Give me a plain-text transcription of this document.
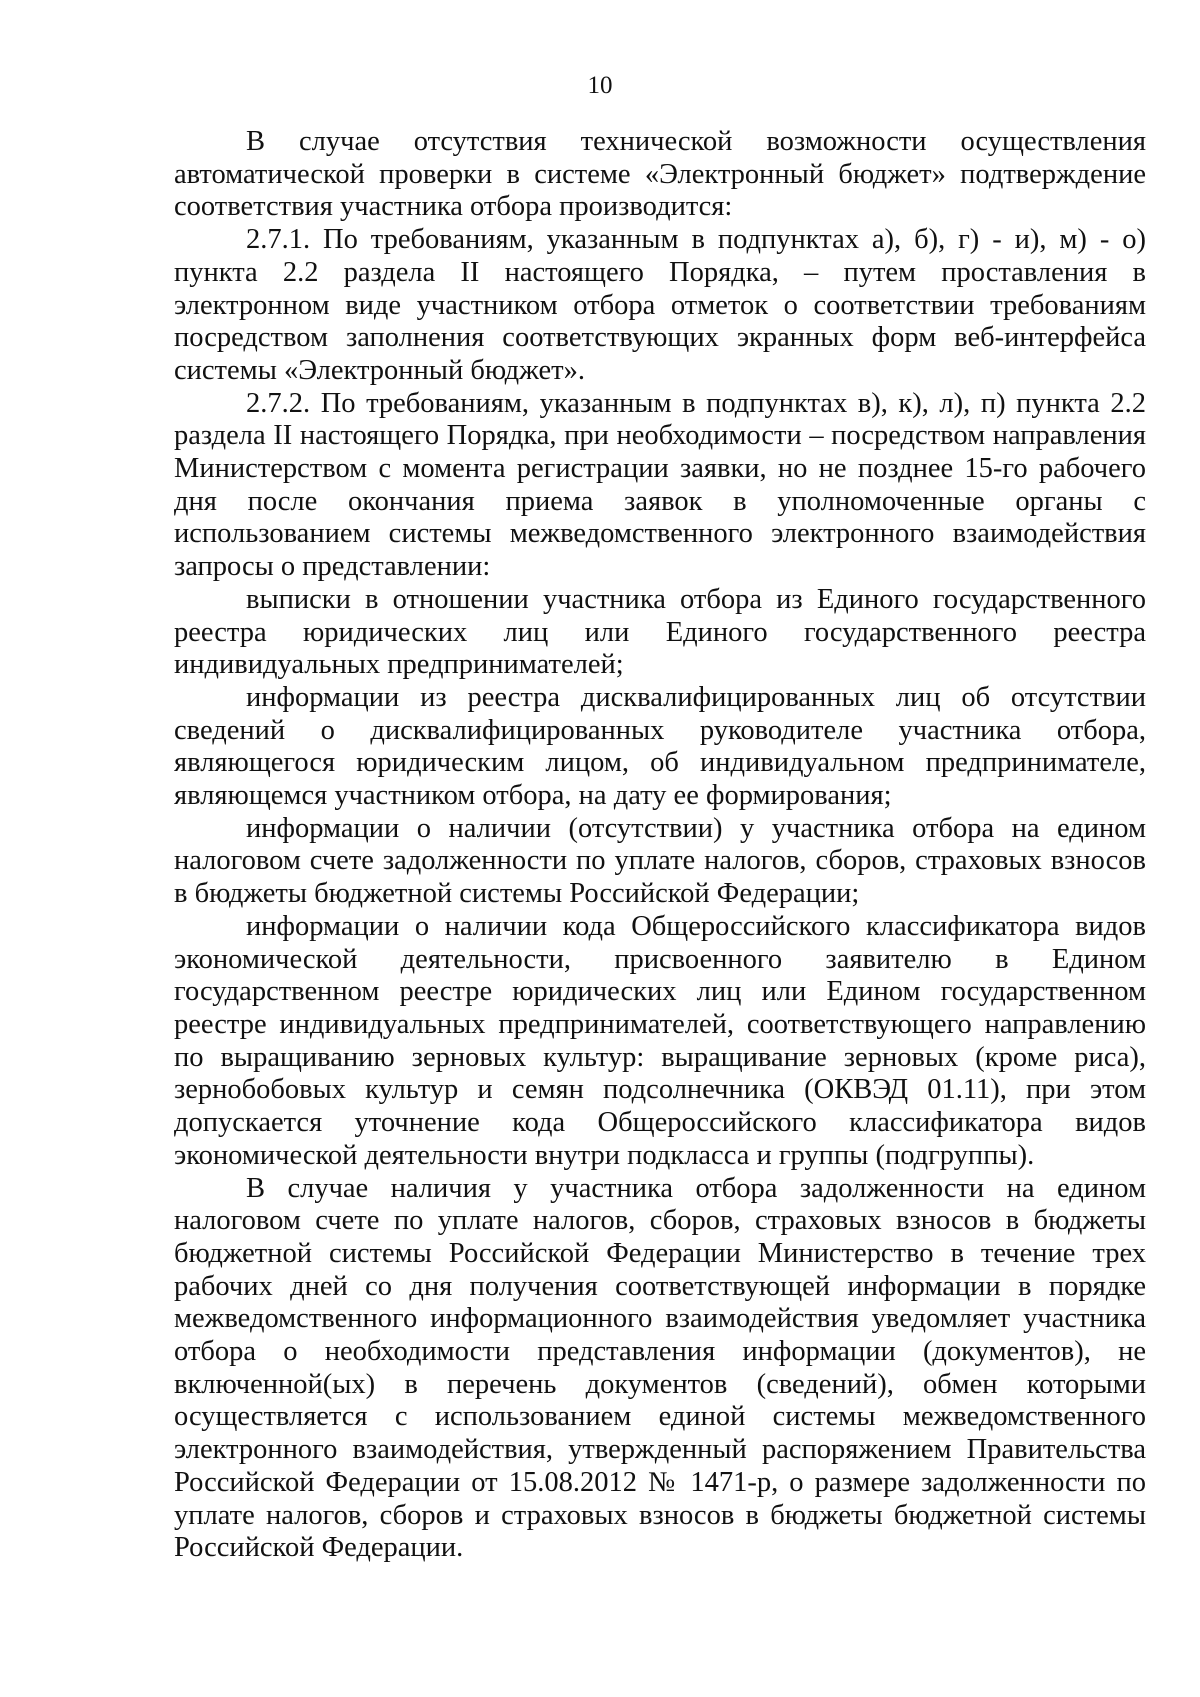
10

В случае отсутствия технической возможности осуществления автоматической проверки в системе «Электронный бюджет» подтверждение соответствия участника отбора производится:

2.7.1. По требованиям, указанным в подпунктах а), б), г) - и), м) - о) пункта 2.2 раздела II настоящего Порядка, – путем проставления в электронном виде участником отбора отметок о соответствии требованиям посредством заполнения соответствующих экранных форм веб-интерфейса системы «Электронный бюджет».

2.7.2. По требованиям, указанным в подпунктах в), к), л), п) пункта 2.2 раздела II настоящего Порядка, при необходимости – посредством направления Министерством с момента регистрации заявки, но не позднее 15-го рабочего дня после окончания приема заявок в уполномоченные органы с использованием системы межведомственного электронного взаимодействия запросы о представлении:

выписки в отношении участника отбора из Единого государственного реестра юридических лиц или Единого государственного реестра индивидуальных предпринимателей;

информации из реестра дисквалифицированных лиц об отсутствии сведений о дисквалифицированных руководителе участника отбора, являющегося юридическим лицом, об индивидуальном предпринимателе, являющемся участником отбора, на дату ее формирования;

информации о наличии (отсутствии) у участника отбора на едином налоговом счете задолженности по уплате налогов, сборов, страховых взносов в бюджеты бюджетной системы Российской Федерации;

информации о наличии кода Общероссийского классификатора видов экономической деятельности, присвоенного заявителю в Едином государственном реестре юридических лиц или Едином государственном реестре индивидуальных предпринимателей, соответствующего направлению по выращиванию зерновых культур: выращивание зерновых (кроме риса), зернобобовых культур и семян подсолнечника (ОКВЭД 01.11), при этом допускается уточнение кода Общероссийского классификатора видов экономической деятельности внутри подкласса и группы (подгруппы).

В случае наличия у участника отбора задолженности на едином налоговом счете по уплате налогов, сборов, страховых взносов в бюджеты бюджетной системы Российской Федерации Министерство в течение трех рабочих дней со дня получения соответствующей информации в порядке межведомственного информационного взаимодействия уведомляет участника отбора о необходимости представления информации (документов), не включенной(ых) в перечень документов (сведений), обмен которыми осуществляется с использованием единой системы межведомственного электронного взаимодействия, утвержденный распоряжением Правительства Российской Федерации от 15.08.2012 № 1471-р, о размере задолженности по уплате налогов, сборов и страховых взносов в бюджеты бюджетной системы Российской Федерации.
